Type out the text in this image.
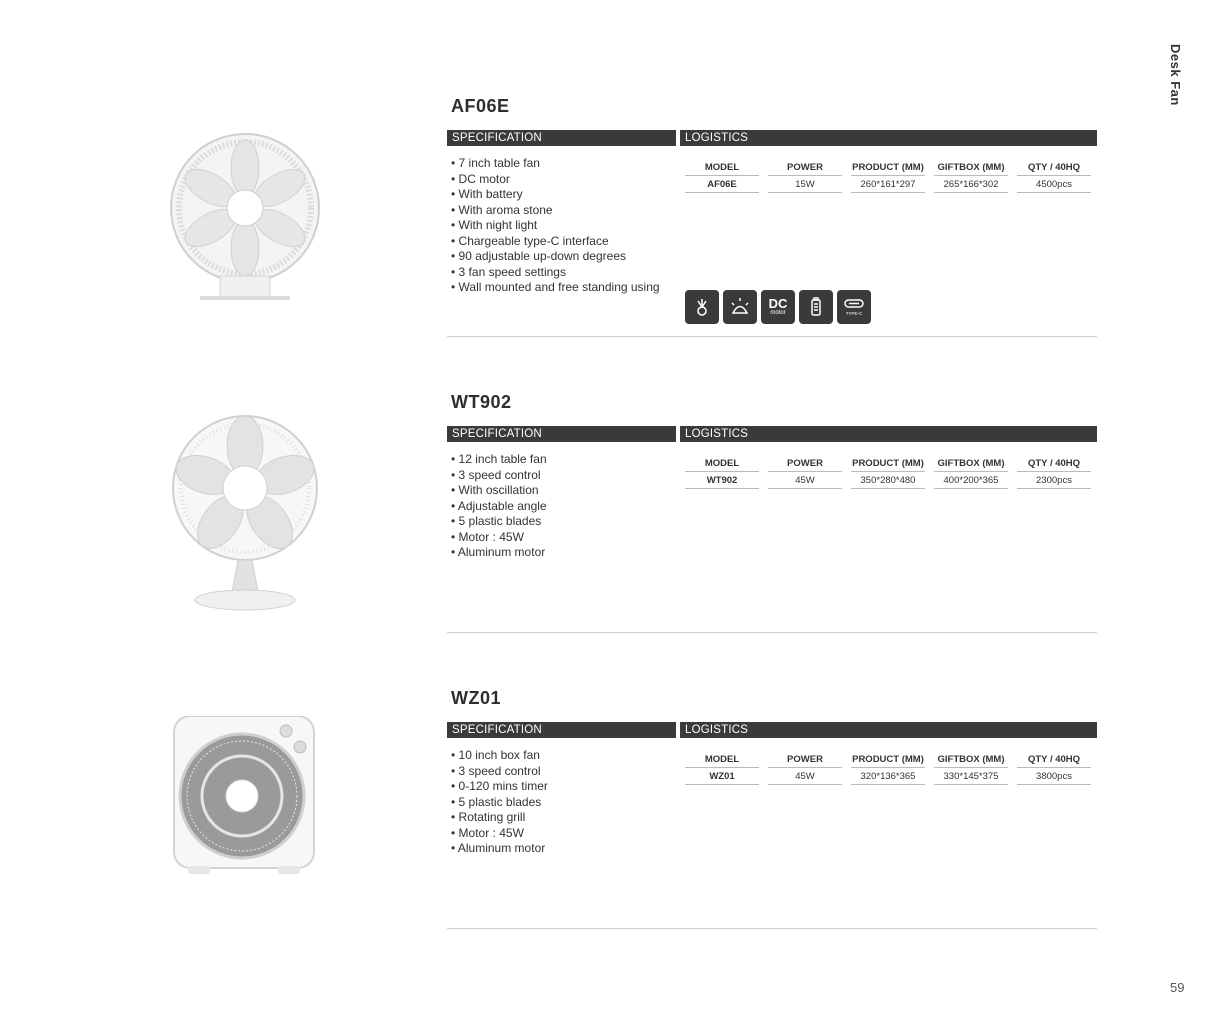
Desk Fan
AF06E
SPECIFICATION	LOGISTICS
• 7 inch table fan
• DC motor
• With battery
• With aroma stone
• With night light
• Chargeable type-C interface
• 90 adjustable up-down degrees
• 3 fan speed settings
• Wall mounted and free standing using
MODEL	POWER	PRODUCT (MM)	GIFTBOX (MM)	QTY / 40HQ
AF06E	15W	260*161*297	265*166*302	4500pcs
DC
motor	TYPE-C
WT902
SPECIFICATION	LOGISTICS
• 12 inch table fan
• 3 speed control
• With oscillation
• Adjustable angle
• 5 plastic blades
• Motor : 45W
• Aluminum motor
MODEL	POWER	PRODUCT (MM)	GIFTBOX (MM)	QTY / 40HQ
WT902	45W	350*280*480	400*200*365	2300pcs
WZ01
SPECIFICATION	LOGISTICS
• 10 inch box fan
• 3 speed control
• 0-120 mins timer
• 5 plastic blades
• Rotating grill
• Motor : 45W
• Aluminum motor
MODEL	POWER	PRODUCT (MM)	GIFTBOX (MM)	QTY / 40HQ
WZ01	45W	320*136*365	330*145*375	3800pcs
59
